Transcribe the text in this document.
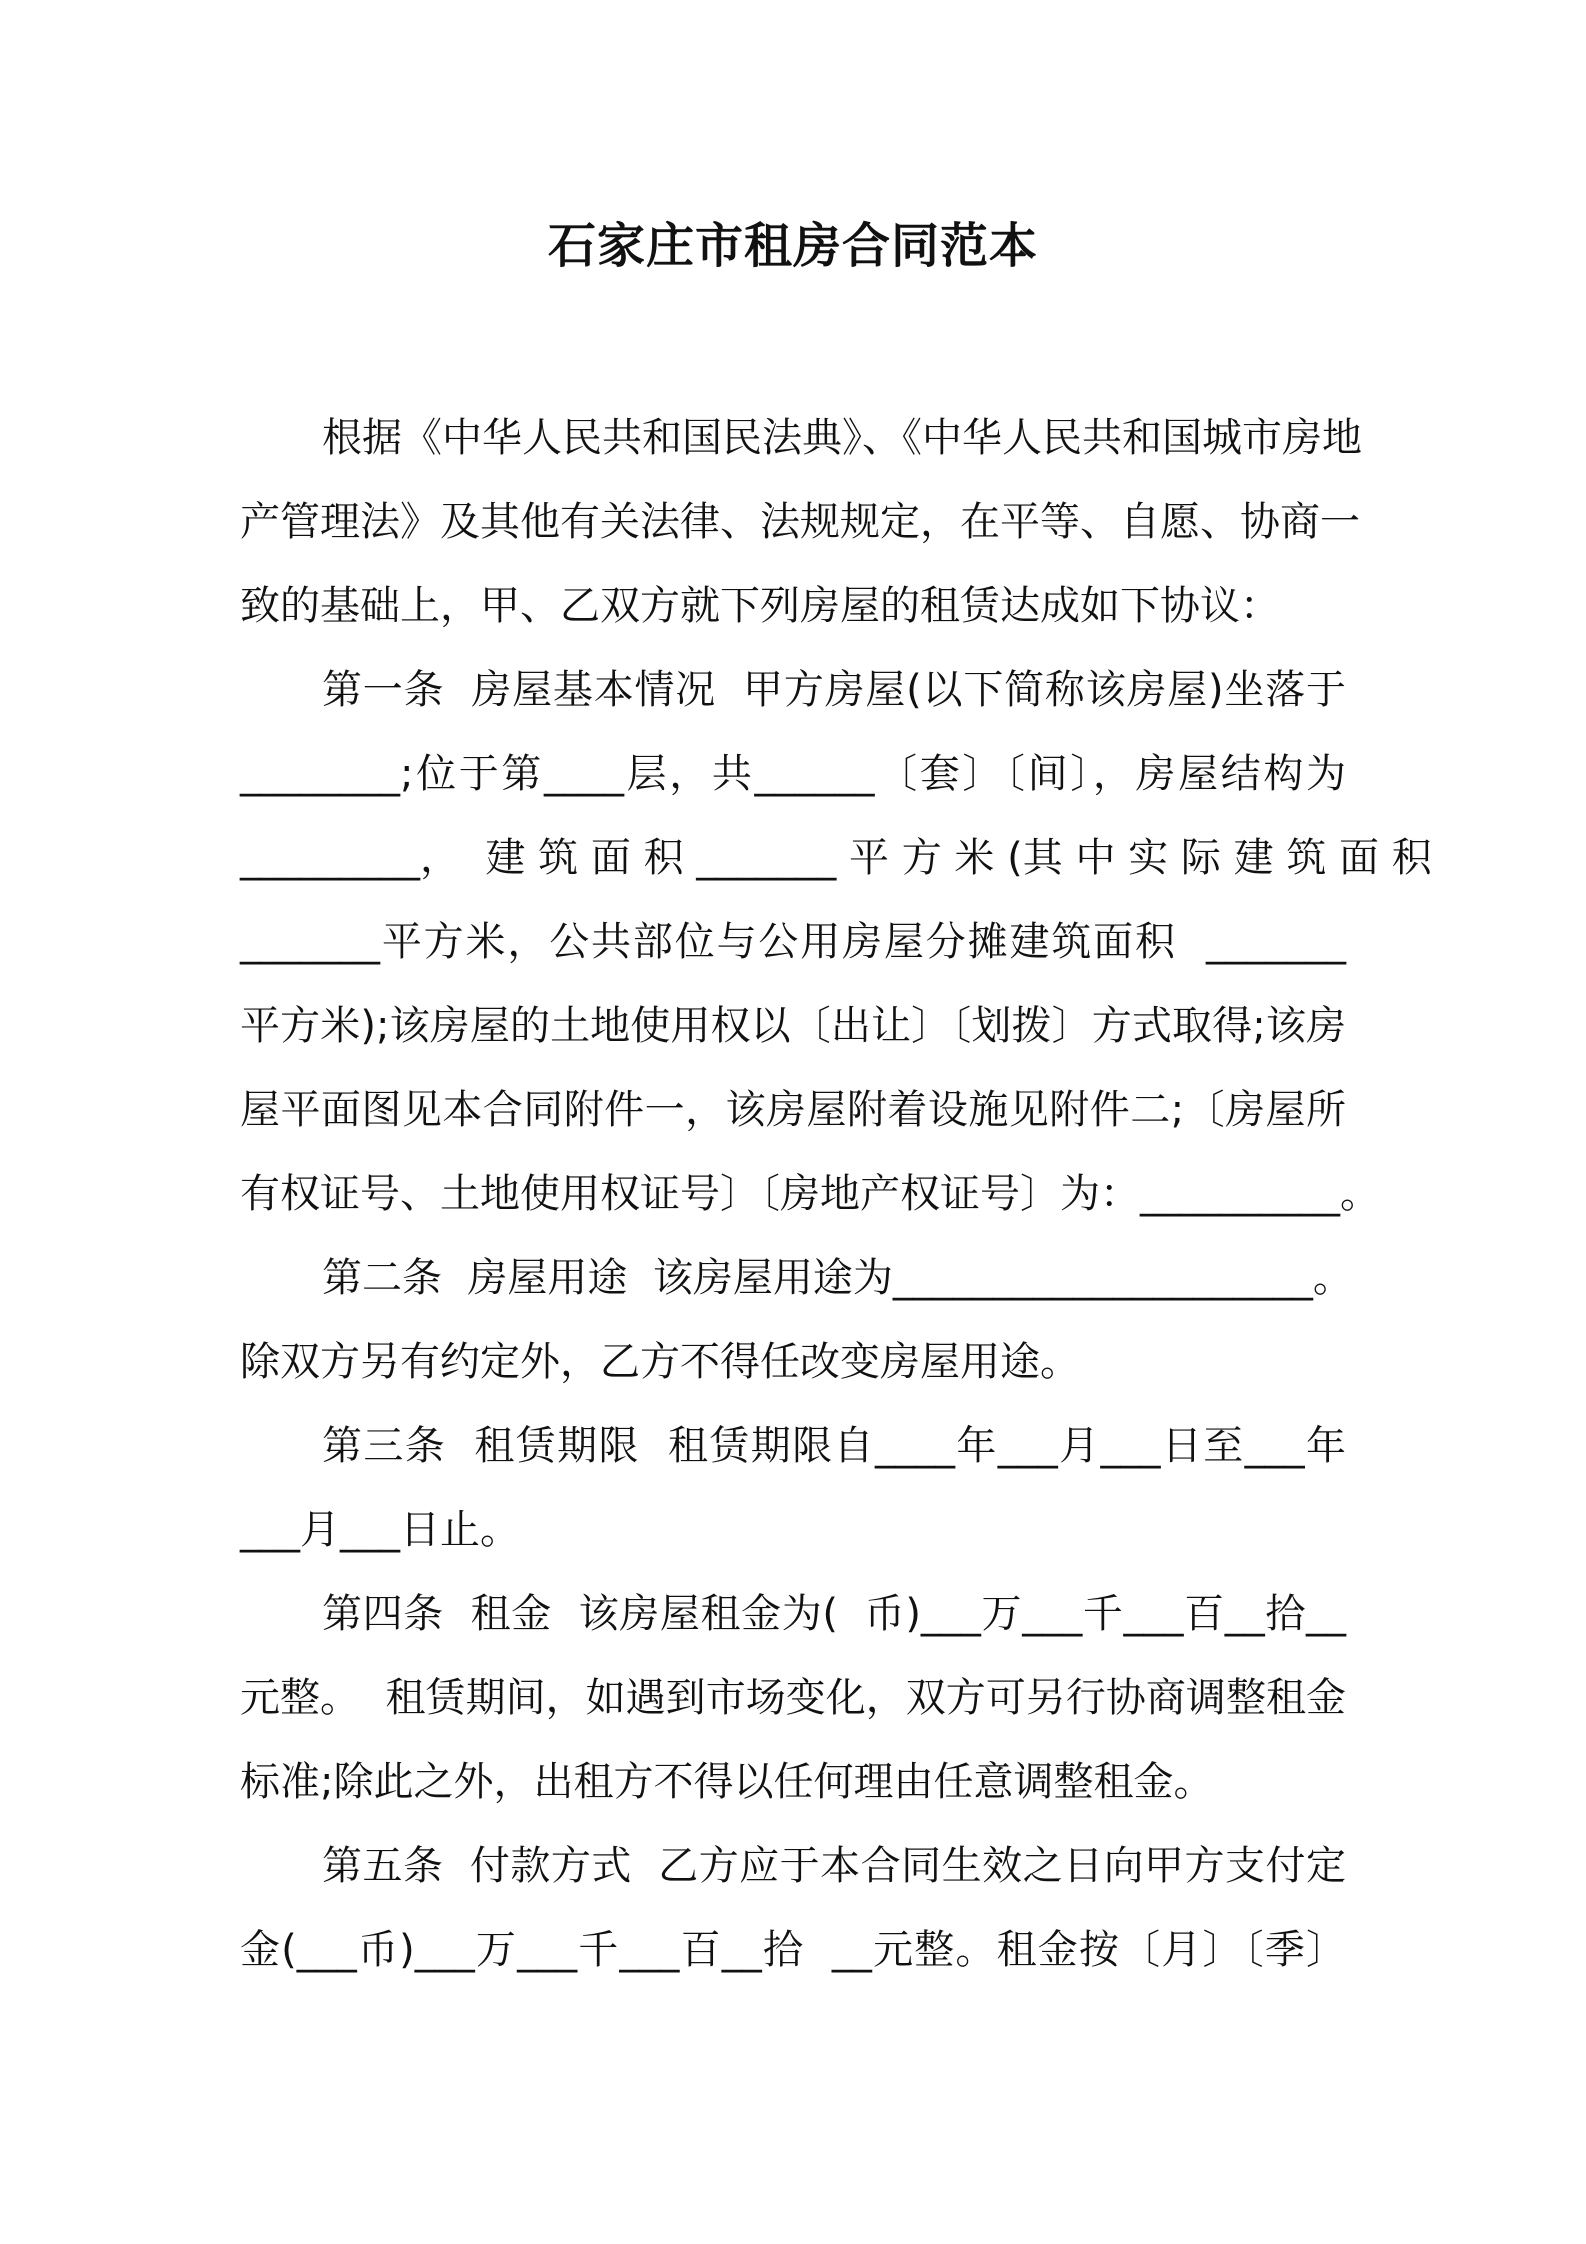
石家庄市租房合同范本
根据《中华人民共和国民法典》、《中华人民共和国城市房地
产管理法》及其他有关法律、法规规定，在平等、自愿、协商一
致的基础上，甲、乙双方就下列房屋的租赁达成如下协议：
第一条  房屋基本情况  甲方房屋(以下简称该房屋)坐落于
________;位于第____层，共______〔套〕〔间〕，房屋结构为
_________，  建 筑 面 积 _______ 平 方 米 (其 中 实 际 建 筑 面 积
_______平方米，公共部位与公用房屋分摊建筑面积  _______
平方米);该房屋的土地使用权以〔出让〕〔划拨〕方式取得;该房
屋平面图见本合同附件一，该房屋附着设施见附件二;〔房屋所
有权证号、土地使用权证号〕〔房地产权证号〕为：__________。
第二条  房屋用途  该房屋用途为_____________________。
除双方另有约定外，乙方不得任改变房屋用途。
第三条  租赁期限  租赁期限自____年___月___日至___年
___月___日止。
第四条  租金  该房屋租金为(  币)___万___千___百__拾__
元整。  租赁期间，如遇到市场变化，双方可另行协商调整租金
标准;除此之外，出租方不得以任何理由任意调整租金。
第五条  付款方式  乙方应于本合同生效之日向甲方支付定
金(___币)___万___千___百__拾  __元整。租金按〔月〕〔季〕
